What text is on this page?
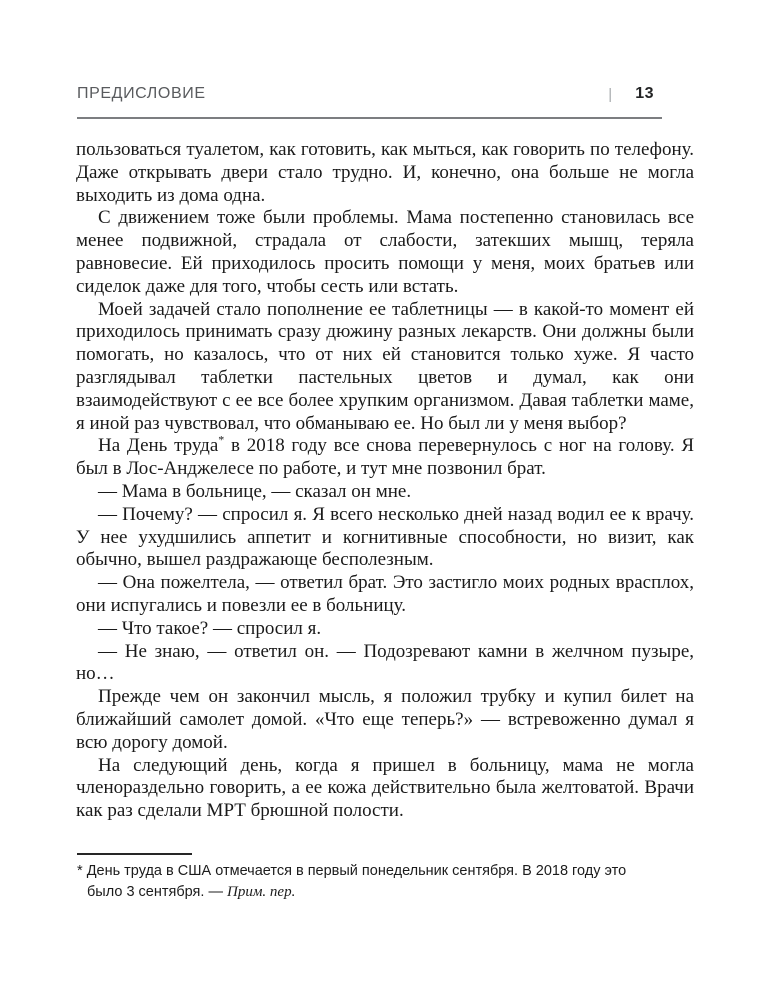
ПРЕДИСЛОВИЕ	| 13

пользоваться туалетом, как готовить, как мыться, как говорить по телефону. Даже открывать двери стало трудно. И, конечно, она больше не могла выходить из дома одна.

С движением тоже были проблемы. Мама постепенно становилась все менее подвижной, страдала от слабости, затекших мышц, теряла равновесие. Ей приходилось просить помощи у меня, моих братьев или сиделок даже для того, чтобы сесть или встать.

Моей задачей стало пополнение ее таблетницы — в какой-то момент ей приходилось принимать сразу дюжину разных лекарств. Они должны были помогать, но казалось, что от них ей становится только хуже. Я часто разглядывал таблетки пастельных цветов и думал, как они взаимодействуют с ее все более хрупким организмом. Давая таблетки маме, я иной раз чувствовал, что обманываю ее. Но был ли у меня выбор?

На День труда* в 2018 году все снова перевернулось с ног на голову. Я был в Лос-Анджелесе по работе, и тут мне позвонил брат.

— Мама в больнице, — сказал он мне.

— Почему? — спросил я. Я всего несколько дней назад водил ее к врачу. У нее ухудшились аппетит и когнитивные способности, но визит, как обычно, вышел раздражающе бесполезным.

— Она пожелтела, — ответил брат. Это застигло моих родных врасплох, они испугались и повезли ее в больницу.

— Что такое? — спросил я.

— Не знаю, — ответил он. — Подозревают камни в желчном пузыре, но…

Прежде чем он закончил мысль, я положил трубку и купил билет на ближайший самолет домой. «Что еще теперь?» — встревоженно думал я всю дорогу домой.

На следующий день, когда я пришел в больницу, мама не могла членораздельно говорить, а ее кожа действительно была желтоватой. Врачи как раз сделали МРТ брюшной полости.

* День труда в США отмечается в первый понедельник сентября. В 2018 году это было 3 сентября. — Прим. пер.
